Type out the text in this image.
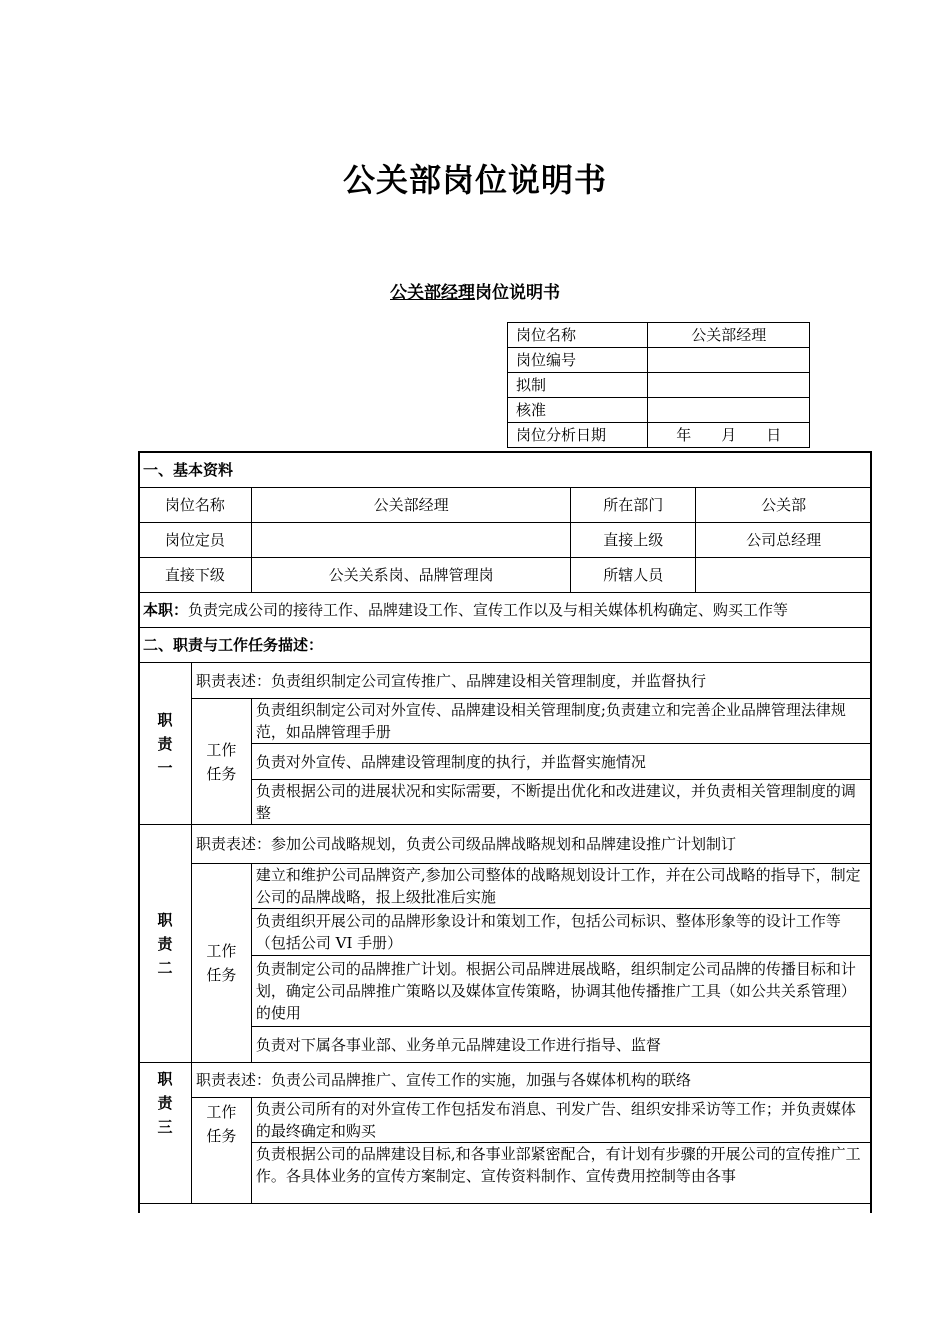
公关部岗位说明书
公关部经理岗位说明书
岗位名称	公关部经理
岗位编号	
拟制	
核准	
岗位分析日期	年　　月　　日
一、基本资料				
岗位名称		公关部经理	所在部门	公关部
岗位定员			直接上级	公司总经理
直接下级		公关关系岗、品牌管理岗	所辖人员	
本职：负责完成公司的接待工作、品牌建设工作、宣传工作以及与相关媒体机构确定、购买工作等				
二、职责与工作任务描述：				
职
责
一	职责表述：负责组织制定公司宣传推广、品牌建设相关管理制度，并监督执行			
	工作
任务	负责组织制定公司对外宣传、品牌建设相关管理制度;负责建立和完善企业品牌管理法律规范，如品牌管理手册		
		负责对外宣传、品牌建设管理制度的执行，并监督实施情况		
		负责根据公司的进展状况和实际需要，不断提出优化和改进建议，并负责相关管理制度的调整		
职
责
二	职责表述：参加公司战略规划，负责公司级品牌战略规划和品牌建设推广计划制订			
	工作
任务	建立和维护公司品牌资产,参加公司整体的战略规划设计工作，并在公司战略的指导下，制定公司的品牌战略，报上级批准后实施		
		负责组织开展公司的品牌形象设计和策划工作，包括公司标识、整体形象等的设计工作等（包括公司 VI 手册）		
		负责制定公司的品牌推广计划。根据公司品牌进展战略，组织制定公司品牌的传播目标和计划，确定公司品牌推广策略以及媒体宣传策略，协调其他传播推广工具（如公共关系管理）的使用		
		负责对下属各事业部、业务单元品牌建设工作进行指导、监督		
职
责
三	职责表述：负责公司品牌推广、宣传工作的实施，加强与各媒体机构的联络			
	工作
任务	负责公司所有的对外宣传工作包括发布消息、刊发广告、组织安排采访等工作；并负责媒体的最终确定和购买		
		负责根据公司的品牌建设目标,和各事业部紧密配合，有计划有步骤的开展公司的宣传推广工作。各具体业务的宣传方案制定、宣传资料制作、宣传费用控制等由各事		
